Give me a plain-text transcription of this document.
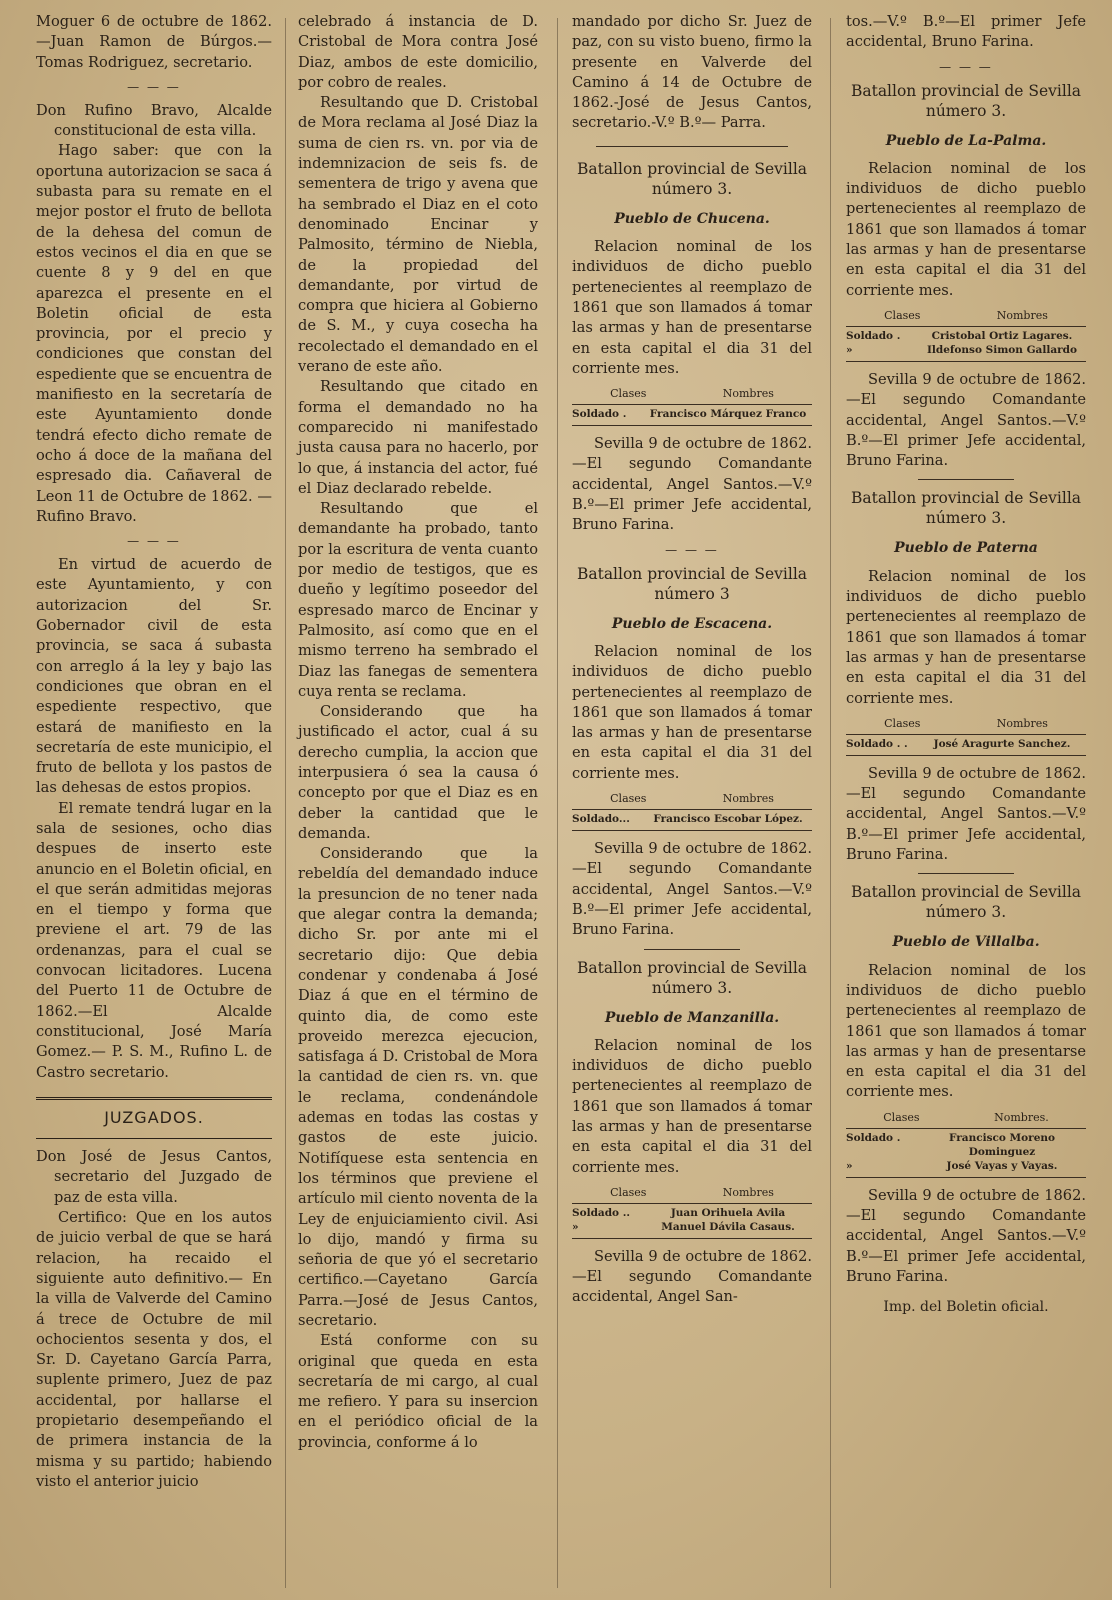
Moguer 6 de octubre de 1862.—Juan Ramon de Búrgos.—Tomas Rodriguez, secretario.

— — —

Don Rufino Bravo, Alcalde constitucional de esta villa.

Hago saber: que con la oportuna autorizacion se saca á subasta para su remate en el mejor postor el fruto de bellota de la dehesa del comun de estos vecinos el dia en que se cuente 8 y 9 del en que aparezca el presente en el Boletin oficial de esta provincia, por el precio y condiciones que constan del espediente que se encuentra de manifiesto en la secretaría de este Ayuntamiento donde tendrá efecto dicho remate de ocho á doce de la mañana del espresado dia. Cañaveral de Leon 11 de Octubre de 1862. —Rufino Bravo.

— — —

En virtud de acuerdo de este Ayuntamiento, y con autorizacion del Sr. Gobernador civil de esta provincia, se saca á subasta con arreglo á la ley y bajo las condiciones que obran en el espediente respectivo, que estará de manifiesto en la secretaría de este municipio, el fruto de bellota y los pastos de las dehesas de estos propios.

El remate tendrá lugar en la sala de sesiones, ocho dias despues de inserto este anuncio en el Boletin oficial, en el que serán admitidas mejoras en el tiempo y forma que previene el art. 79 de las ordenanzas, para el cual se convocan licitadores. Lucena del Puerto 11 de Octubre de 1862.—El Alcalde constitucional, José María Gomez.— P. S. M., Rufino L. de Castro secretario.

JUZGADOS.

Don José de Jesus Cantos, secretario del Juzgado de paz de esta villa.

Certifico: Que en los autos de juicio verbal de que se hará relacion, ha recaido el siguiente auto definitivo.— En la villa de Valverde del Camino á trece de Octubre de mil ochocientos sesenta y dos, el Sr. D. Cayetano García Parra, suplente primero, Juez de paz accidental, por hallarse el propietario desempeñando el de primera instancia de la misma y su partido; habiendo visto el anterior juicio

celebrado á instancia de D. Cristobal de Mora contra José Diaz, ambos de este domicilio, por cobro de reales.

Resultando que D. Cristobal de Mora reclama al José Diaz la suma de cien rs. vn. por via de indemnizacion de seis fs. de sementera de trigo y avena que ha sembrado el Diaz en el coto denominado Encinar y Palmosito, término de Niebla, de la propiedad del demandante, por virtud de compra que hiciera al Gobierno de S. M., y cuya cosecha ha recolectado el demandado en el verano de este año.

Resultando que citado en forma el demandado no ha comparecido ni manifestado justa causa para no hacerlo, por lo que, á instancia del actor, fué el Diaz declarado rebelde.

Resultando que el demandante ha probado, tanto por la escritura de venta cuanto por medio de testigos, que es dueño y legítimo poseedor del espresado marco de Encinar y Palmosito, así como que en el mismo terreno ha sembrado el Diaz las fanegas de sementera cuya renta se reclama.

Considerando que ha justificado el actor, cual á su derecho cumplia, la accion que interpusiera ó sea la causa ó concepto por que el Diaz es en deber la cantidad que le demanda.

Considerando que la rebeldía del demandado induce la presuncion de no tener nada que alegar contra la demanda; dicho Sr. por ante mi el secretario dijo: Que debia condenar y condenaba á José Diaz á que en el término de quinto dia, de como este proveido merezca ejecucion, satisfaga á D. Cristobal de Mora la cantidad de cien rs. vn. que le reclama, condenándole ademas en todas las costas y gastos de este juicio. Notifíquese esta sentencia en los términos que previene el artículo mil ciento noventa de la Ley de enjuiciamiento civil. Asi lo dijo, mandó y firma su señoria de que yó el secretario certifico.—Cayetano García Parra.—José de Jesus Cantos, secretario.

Está conforme con su original que queda en esta secretaría de mi cargo, al cual me refiero. Y para su insercion en el periódico oficial de la provincia, conforme á lo

mandado por dicho Sr. Juez de paz, con su visto bueno, firmo la presente en Valverde del Camino á 14 de Octubre de 1862.-José de Jesus Cantos, secretario.-V.º B.º— Parra.

Batallon provincial de Sevilla número 3.
Pueblo de Chucena.

Relacion nominal de los individuos de dicho pueblo pertenecientes al reemplazo de 1861 que son llamados á tomar las armas y han de presentarse en esta capital el dia 31 del corriente mes.

Clases	Nombres
Soldado .	Francisco Márquez Franco

Sevilla 9 de octubre de 1862.—El segundo Comandante accidental, Angel Santos.—V.º B.º—El primer Jefe accidental, Bruno Farina.

— — —
Batallon provincial de Sevilla número 3
Pueblo de Escacena.

Relacion nominal de los individuos de dicho pueblo pertenecientes al reemplazo de 1861 que son llamados á tomar las armas y han de presentarse en esta capital el dia 31 del corriente mes.

Clases	Nombres
Soldado...	Francisco Escobar López.

Sevilla 9 de octubre de 1862.—El segundo Comandante accidental, Angel Santos.—V.º B.º—El primer Jefe accidental, Bruno Farina.

Batallon provincial de Sevilla número 3.
Pueblo de Manzanilla.

Relacion nominal de los individuos de dicho pueblo pertenecientes al reemplazo de 1861 que son llamados á tomar las armas y han de presentarse en esta capital el dia 31 del corriente mes.

Clases	Nombres
Soldado ..	Juan Orihuela Avila
»	Manuel Dávila Casaus.

Sevilla 9 de octubre de 1862.—El segundo Comandante accidental, Angel San-

tos.—V.º B.º—El primer Jefe accidental, Bruno Farina.

— — —
Batallon provincial de Sevilla número 3.
Pueblo de La-Palma.

Relacion nominal de los individuos de dicho pueblo pertenecientes al reemplazo de 1861 que son llamados á tomar las armas y han de presentarse en esta capital el dia 31 del corriente mes.

Clases	Nombres
Soldado .	Cristobal Ortiz Lagares.
»	Ildefonso Simon Gallardo

Sevilla 9 de octubre de 1862.—El segundo Comandante accidental, Angel Santos.—V.º B.º—El primer Jefe accidental, Bruno Farina.

Batallon provincial de Sevilla número 3.
Pueblo de Paterna

Relacion nominal de los individuos de dicho pueblo pertenecientes al reemplazo de 1861 que son llamados á tomar las armas y han de presentarse en esta capital el dia 31 del corriente mes.

Clases	Nombres
Soldado . .	José Aragurte Sanchez.

Sevilla 9 de octubre de 1862.—El segundo Comandante accidental, Angel Santos.—V.º B.º—El primer Jefe accidental, Bruno Farina.

Batallon provincial de Sevilla número 3.
Pueblo de Villalba.

Relacion nominal de los individuos de dicho pueblo pertenecientes al reemplazo de 1861 que son llamados á tomar las armas y han de presentarse en esta capital el dia 31 del corriente mes.

Clases	Nombres.
Soldado .	Francisco Moreno Dominguez
»	José Vayas y Vayas.

Sevilla 9 de octubre de 1862.—El segundo Comandante accidental, Angel Santos.—V.º B.º—El primer Jefe accidental, Bruno Farina.

Imp. del Boletin oficial.
